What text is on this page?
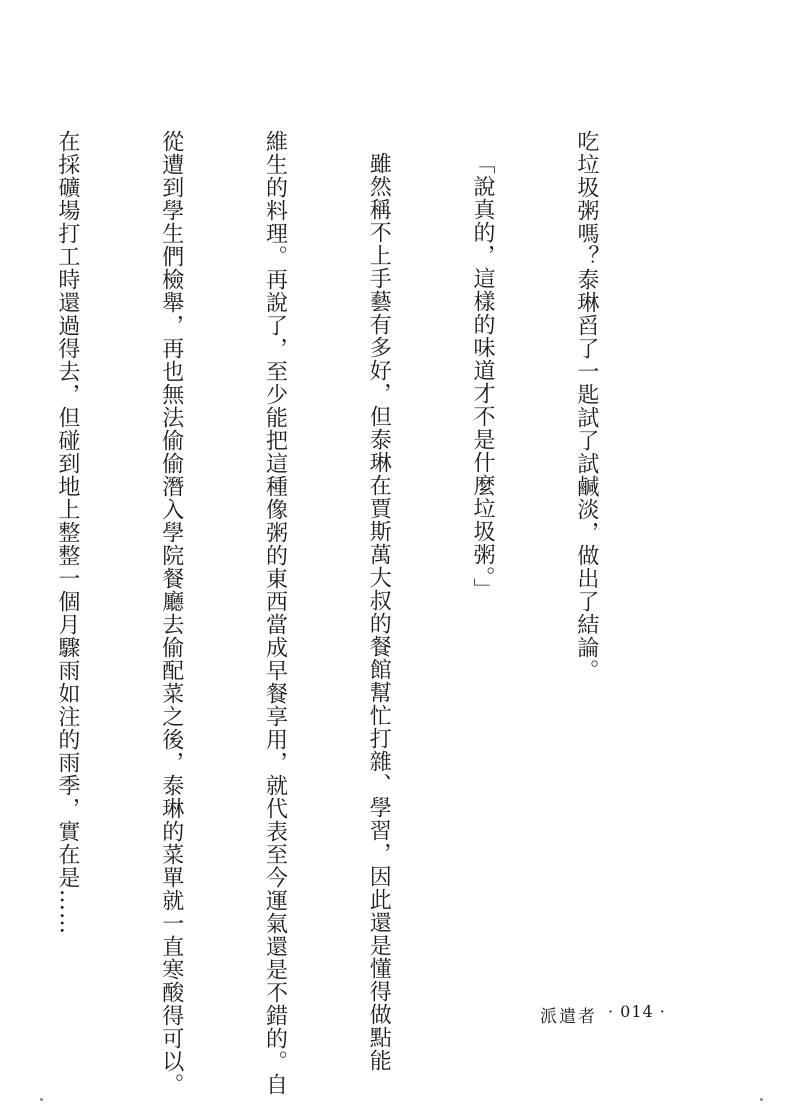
吃垃圾粥嗎？泰琳舀了一匙試了試鹹淡，做出了結論。

「說真的，這樣的味道才不是什麼垃圾粥。」

雖然稱不上手藝有多好，但泰琳在賈斯萬大叔的餐館幫忙打雜、學習，因此還是懂得做點能

維生的料理。再說了，至少能把這種像粥的東西當成早餐享用，就代表至今運氣還是不錯的。自

從遭到學生們檢舉，再也無法偷偷潛入學院餐廳去偷配菜之後，泰琳的菜單就一直寒酸得可以。

在採礦場打工時還過得去，但碰到地上整整一個月驟雨如注的雨季，實在是……

派遣者 · 014 ·
